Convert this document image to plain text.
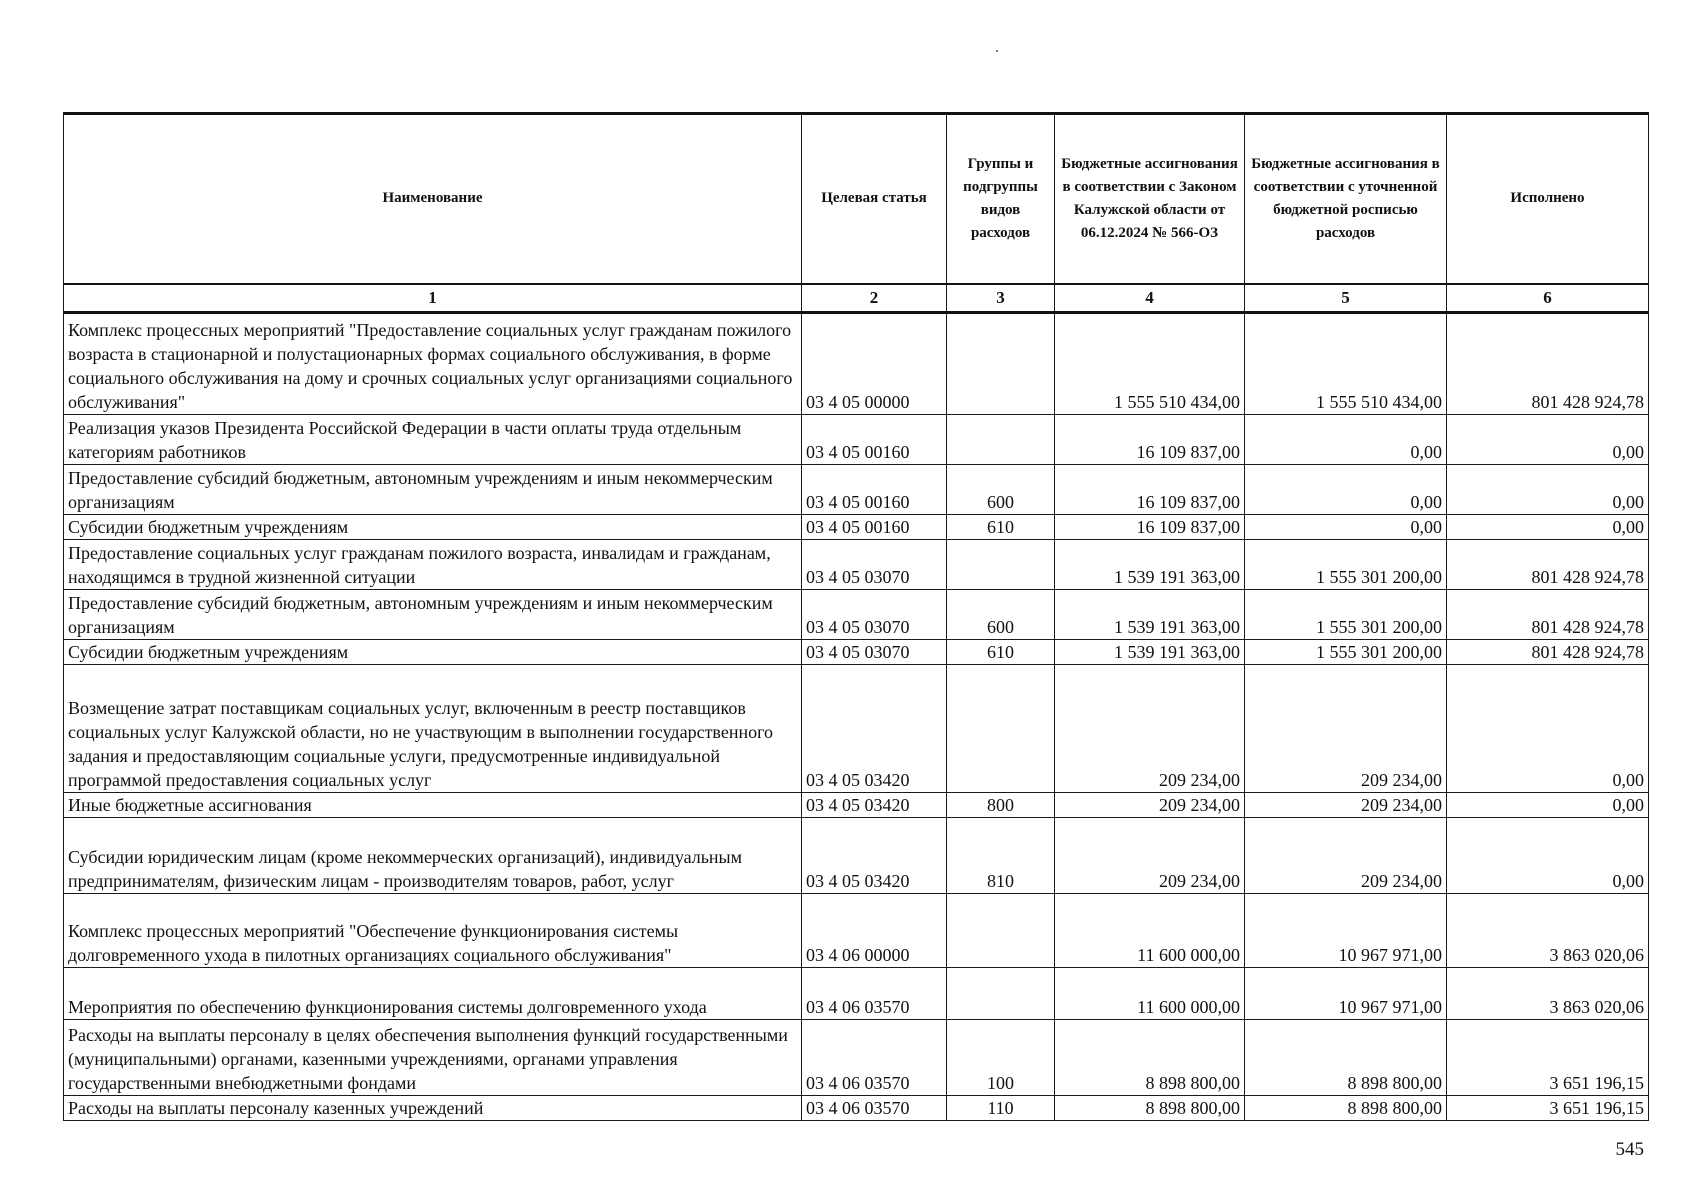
Наименование	Целевая статья	Группы и подгруппы видов расходов	Бюджетные ассигнования в соответствии с Законом Калужской области от 06.12.2024 № 566-ОЗ	Бюджетные ассигнования в соответствии с уточненной бюджетной росписью расходов	Исполнено
1	2	3	4	5	6
Комплекс процессных мероприятий "Предоставление социальных услуг гражданам пожилого возраста в стационарной и полустационарных формах социального обслуживания, в форме социального обслуживания на дому и срочных социальных услуг организациями социального обслуживания"	03 4 05 00000		1 555 510 434,00	1 555 510 434,00	801 428 924,78
Реализация указов Президента Российской Федерации в части оплаты труда отдельным категориям работников	03 4 05 00160		16 109 837,00	0,00	0,00
Предоставление субсидий бюджетным, автономным учреждениям и иным некоммерческим организациям	03 4 05 00160	600	16 109 837,00	0,00	0,00
Субсидии бюджетным учреждениям	03 4 05 00160	610	16 109 837,00	0,00	0,00
Предоставление социальных услуг гражданам пожилого возраста, инвалидам и гражданам, находящимся в трудной жизненной ситуации	03 4 05 03070		1 539 191 363,00	1 555 301 200,00	801 428 924,78
Предоставление субсидий бюджетным, автономным учреждениям и иным некоммерческим организациям	03 4 05 03070	600	1 539 191 363,00	1 555 301 200,00	801 428 924,78
Субсидии бюджетным учреждениям	03 4 05 03070	610	1 539 191 363,00	1 555 301 200,00	801 428 924,78
Возмещение затрат поставщикам социальных услуг, включенным в реестр поставщиков социальных услуг Калужской области, но не участвующим в выполнении государственного задания и предоставляющим социальные услуги, предусмотренные индивидуальной программой предоставления социальных услуг	03 4 05 03420		209 234,00	209 234,00	0,00
Иные бюджетные ассигнования	03 4 05 03420	800	209 234,00	209 234,00	0,00
Субсидии юридическим лицам (кроме некоммерческих организаций), индивидуальным предпринимателям, физическим лицам - производителям товаров, работ, услуг	03 4 05 03420	810	209 234,00	209 234,00	0,00
Комплекс процессных мероприятий "Обеспечение функционирования системы долговременного ухода в пилотных организациях социального обслуживания"	03 4 06 00000		11 600 000,00	10 967 971,00	3 863 020,06
Мероприятия по обеспечению функционирования системы долговременного ухода	03 4 06 03570		11 600 000,00	10 967 971,00	3 863 020,06
Расходы на выплаты персоналу в целях обеспечения выполнения функций государственными (муниципальными) органами, казенными учреждениями, органами управления государственными внебюджетными фондами	03 4 06 03570	100	8 898 800,00	8 898 800,00	3 651 196,15
Расходы на выплаты персоналу казенных учреждений	03 4 06 03570	110	8 898 800,00	8 898 800,00	3 651 196,15
545
